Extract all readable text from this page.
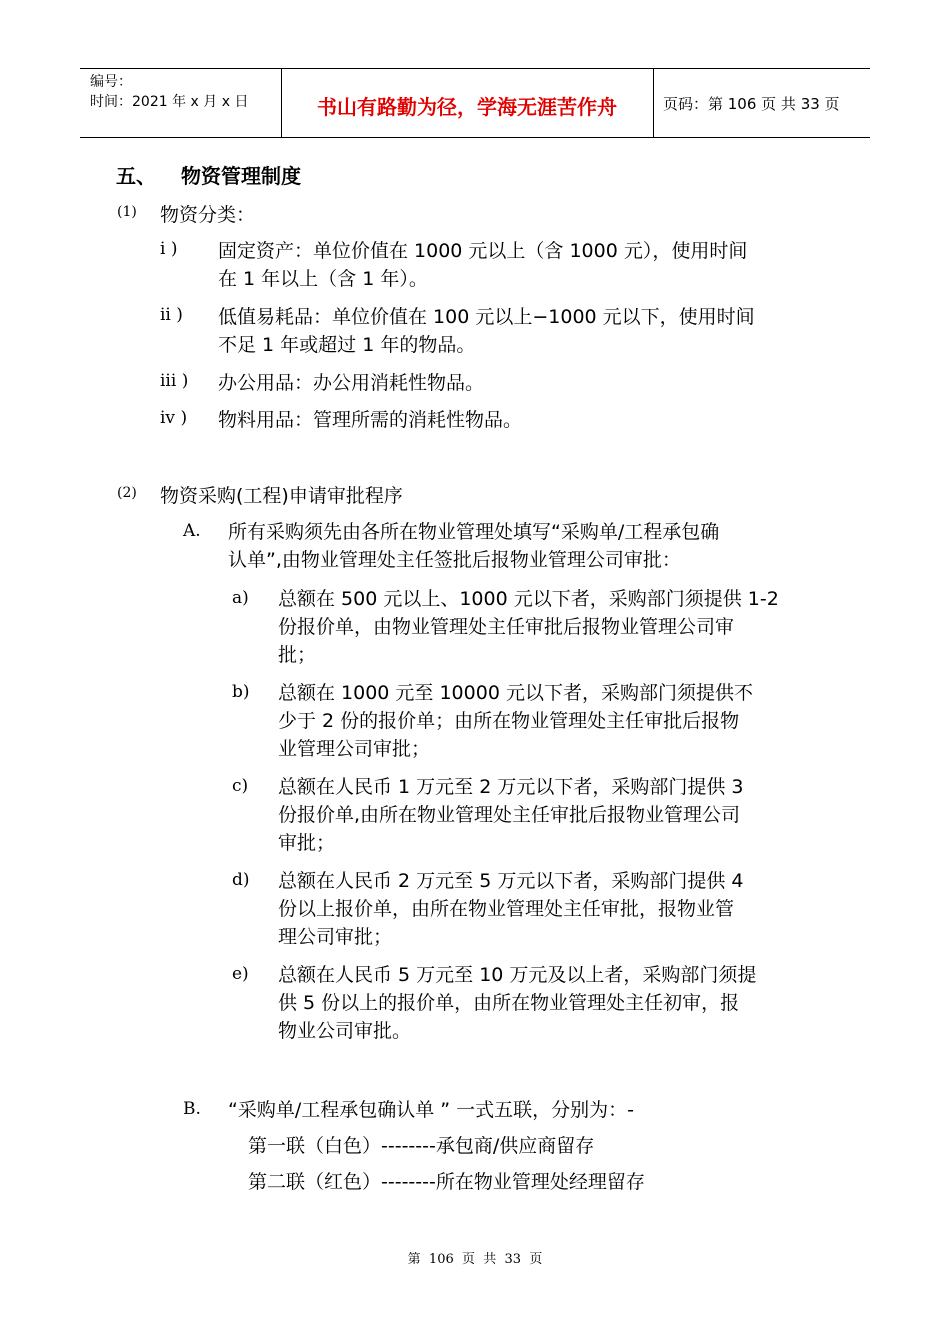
编号：
时间：2021 年 x 月 x 日	书山有路勤为径，学海无涯苦作舟	页码：第 106 页 共 33 页
五、 物资管理制度
(1) 物资分类：
i ) 固定资产：单位价值在 1000 元以上（含 1000 元），使用时间
在 1 年以上（含 1 年）。
ii ) 低值易耗品：单位价值在 100 元以上−1000 元以下，使用时间
不足 1 年或超过 1 年的物品。
iii ) 办公用品：办公用消耗性物品。
iv ) 物料用品：管理所需的消耗性物品。
(2) 物资采购(工程)申请审批程序
A. 所有采购须先由各所在物业管理处填写“采购单/工程承包确
认单”,由物业管理处主任签批后报物业管理公司审批：
a) 总额在 500 元以上、1000 元以下者，采购部门须提供 1-2
份报价单，由物业管理处主任审批后报物业管理公司审
批；
b) 总额在 1000 元至 10000 元以下者，采购部门须提供不
少于 2 份的报价单；由所在物业管理处主任审批后报物
业管理公司审批；
c) 总额在人民币 1 万元至 2 万元以下者，采购部门提供 3
份报价单,由所在物业管理处主任审批后报物业管理公司
审批；
d) 总额在人民币 2 万元至 5 万元以下者，采购部门提供 4
份以上报价单，由所在物业管理处主任审批，报物业管
理公司审批；
e) 总额在人民币 5 万元至 10 万元及以上者，采购部门须提
供 5 份以上的报价单，由所在物业管理处主任初审，报
物业公司审批。
B. “采购单/工程承包确认单 ” 一式五联，分别为：-
第一联（白色）--------承包商/供应商留存
第二联（红色）--------所在物业管理处经理留存
第  106  页  共  33  页
